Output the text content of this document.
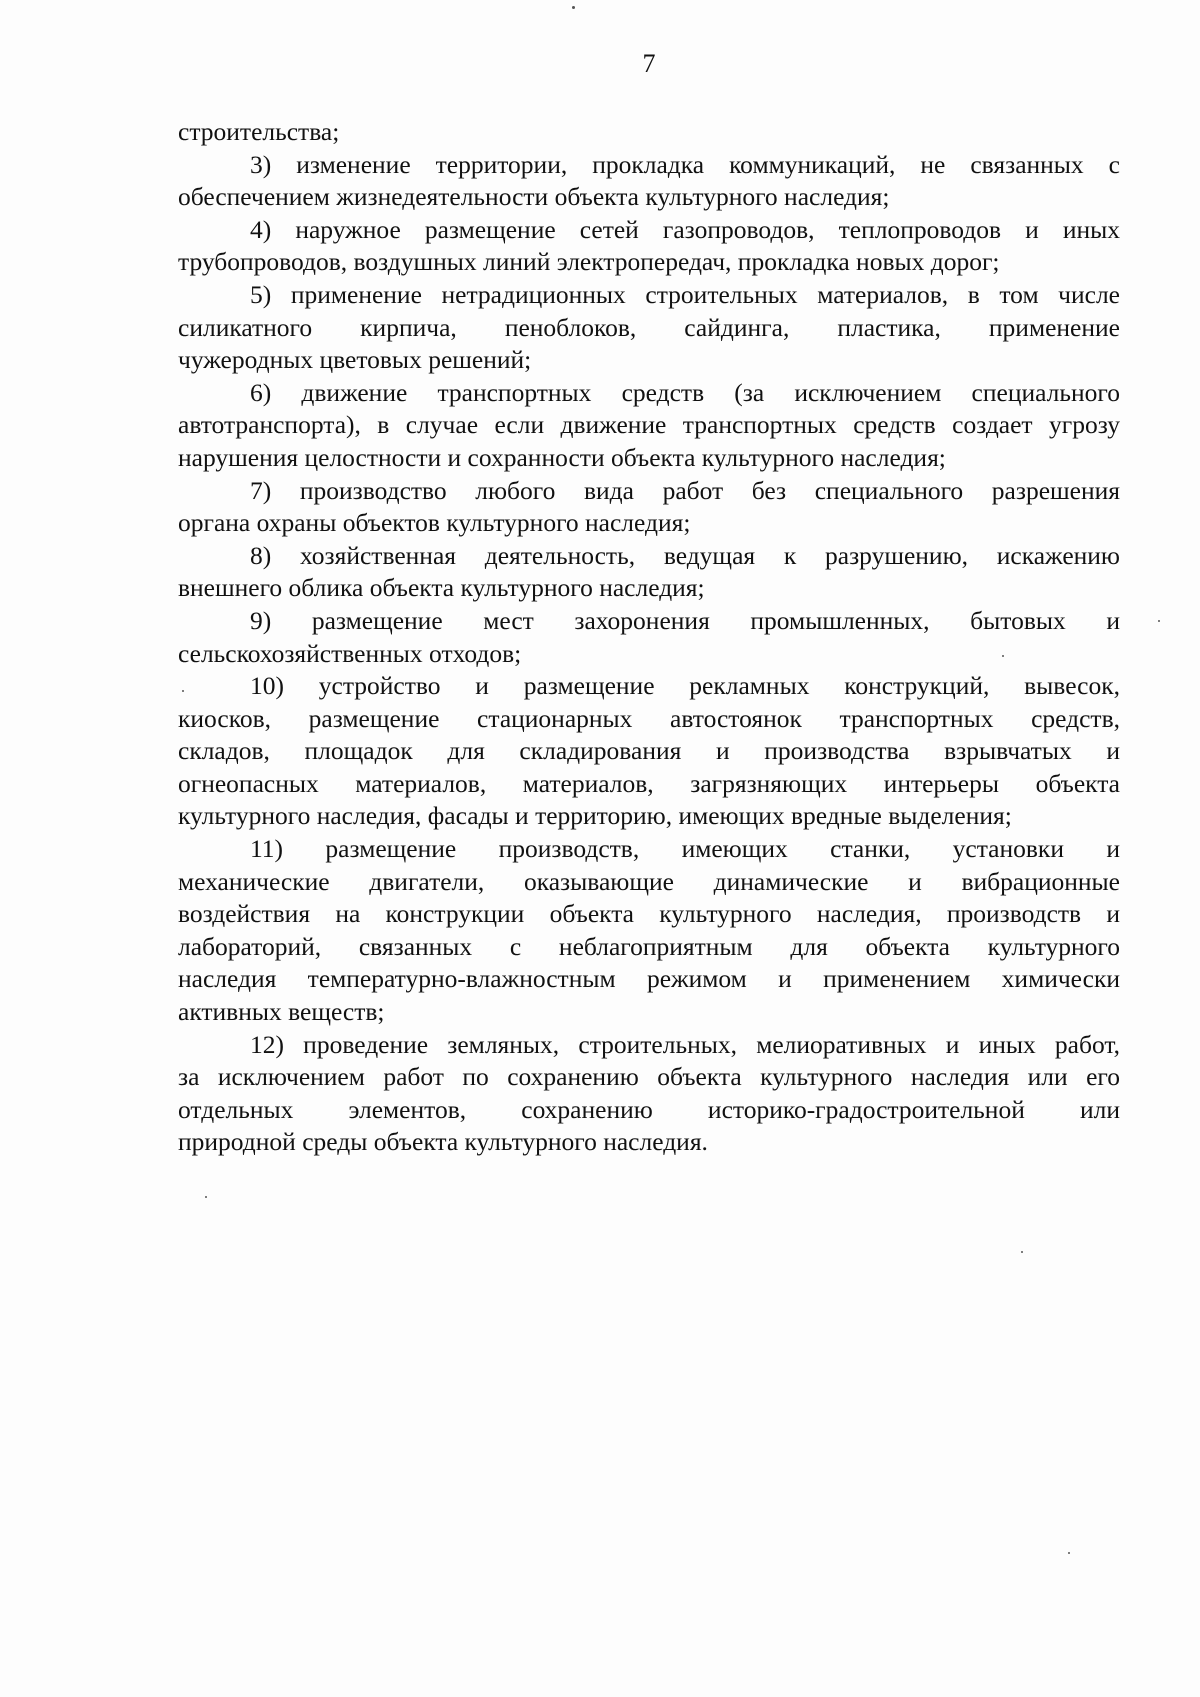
7
строительства;
3) изменение территории, прокладка коммуникаций, не связанных с
обеспечением жизнедеятельности объекта культурного наследия;
4) наружное размещение сетей газопроводов, теплопроводов и иных
трубопроводов, воздушных линий электропередач, прокладка новых дорог;
5) применение нетрадиционных строительных материалов, в том числе
силикатного кирпича, пеноблоков, сайдинга, пластика, применение
чужеродных цветовых решений;
6) движение транспортных средств (за исключением специального
автотранспорта), в случае если движение транспортных средств создает угрозу
нарушения целостности и сохранности объекта культурного наследия;
7) производство любого вида работ без специального разрешения
органа охраны объектов культурного наследия;
8) хозяйственная деятельность, ведущая к разрушению, искажению
внешнего облика объекта культурного наследия;
9) размещение мест захоронения промышленных, бытовых и
сельскохозяйственных отходов;
10) устройство и размещение рекламных конструкций, вывесок,
киосков, размещение стационарных автостоянок транспортных средств,
складов, площадок для складирования и производства взрывчатых и
огнеопасных материалов, материалов, загрязняющих интерьеры объекта
культурного наследия, фасады и территорию, имеющих вредные выделения;
11) размещение производств, имеющих станки, установки и
механические двигатели, оказывающие динамические и вибрационные
воздействия на конструкции объекта культурного наследия, производств и
лабораторий, связанных с неблагоприятным для объекта культурного
наследия температурно-влажностным режимом и применением химически
активных веществ;
12) проведение земляных, строительных, мелиоративных и иных работ,
за исключением работ по сохранению объекта культурного наследия или его
отдельных элементов, сохранению историко-градостроительной или
природной среды объекта культурного наследия.
